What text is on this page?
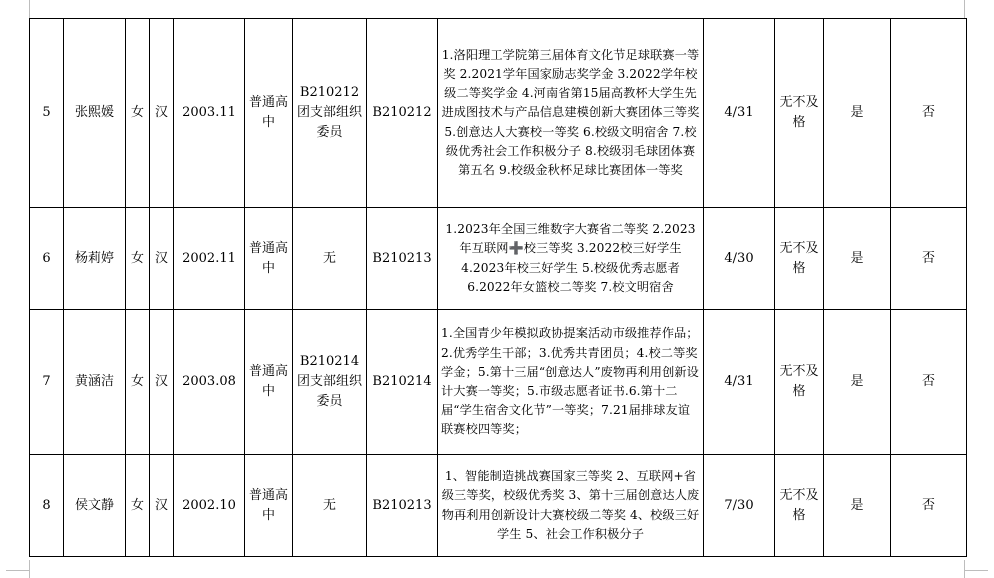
5	张熙媛	女	汉	2003.11	普通高中	B210212团支部组织委员	B210212	1.洛阳理工学院第三届体育文化节足球联赛一等奖 2.2021学年国家励志奖学金 3.2022学年校级二等奖学金 4.河南省第15届高教杯大学生先进成图技术与产品信息建模创新大赛团体三等奖 5.创意达人大赛校一等奖 6.校级文明宿舍 7.校级优秀社会工作积极分子 8.校级羽毛球团体赛第五名 9.校级金秋杯足球比赛团体一等奖	4/31	无不及格	是	否
6	杨莉婷	女	汉	2002.11	普通高中	无	B210213	1.2023年全国三维数字大赛省二等奖 2.2023年互联网➕校三等奖 3.2022校三好学生 4.2023年校三好学生 5.校级优秀志愿者 6.2022年女篮校二等奖 7.校文明宿舍	4/30	无不及格	是	否
7	黄涵洁	女	汉	2003.08	普通高中	B210214团支部组织委员	B210214	1.全国青少年模拟政协提案活动市级推荐作品；2.优秀学生干部；3.优秀共青团员；4.校二等奖学金；5.第十三届“创意达人”废物再利用创新设计大赛一等奖；5.市级志愿者证书.6.第十二届“学生宿舍文化节”一等奖；7.21届排球友谊联赛校四等奖；	4/31	无不及格	是	否
8	侯文静	女	汉	2002.10	普通高中	无	B210213	1、智能制造挑战赛国家三等奖 2、互联网+省级三等奖，校级优秀奖 3、第十三届创意达人废物再利用创新设计大赛校级二等奖 4、校级三好学生 5、社会工作积极分子	7/30	无不及格	是	否
